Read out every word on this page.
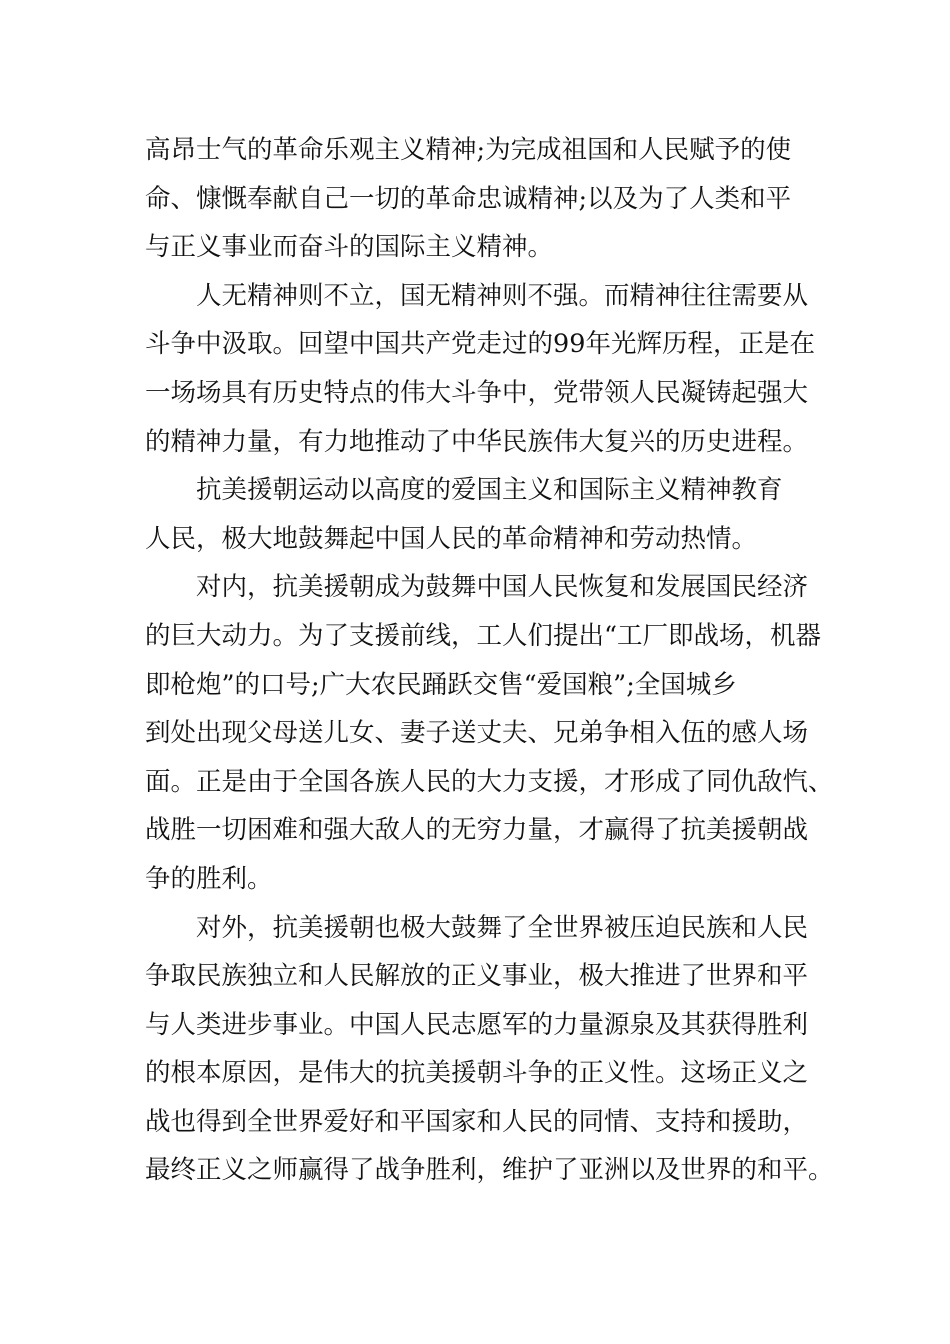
高昂士气的革命乐观主义精神;为完成祖国和人民赋予的使
命、慷慨奉献自己一切的革命忠诚精神;以及为了人类和平
与正义事业而奋斗的国际主义精神。
人无精神则不立，国无精神则不强。而精神往往需要从
斗争中汲取。回望中国共产党走过的99年光辉历程，正是在
一场场具有历史特点的伟大斗争中，党带领人民凝铸起强大
的精神力量，有力地推动了中华民族伟大复兴的历史进程。
抗美援朝运动以高度的爱国主义和国际主义精神教育
人民，极大地鼓舞起中国人民的革命精神和劳动热情。
对内，抗美援朝成为鼓舞中国人民恢复和发展国民经济
的巨大动力。为了支援前线，工人们提出“工厂即战场，机器
即枪炮”的口号;广大农民踊跃交售“爱国粮”;全国城乡
到处出现父母送儿女、妻子送丈夫、兄弟争相入伍的感人场
面。正是由于全国各族人民的大力支援，才形成了同仇敌忾、
战胜一切困难和强大敌人的无穷力量，才赢得了抗美援朝战
争的胜利。
对外，抗美援朝也极大鼓舞了全世界被压迫民族和人民
争取民族独立和人民解放的正义事业，极大推进了世界和平
与人类进步事业。中国人民志愿军的力量源泉及其获得胜利
的根本原因，是伟大的抗美援朝斗争的正义性。这场正义之
战也得到全世界爱好和平国家和人民的同情、支持和援助，
最终正义之师赢得了战争胜利，维护了亚洲以及世界的和平。
